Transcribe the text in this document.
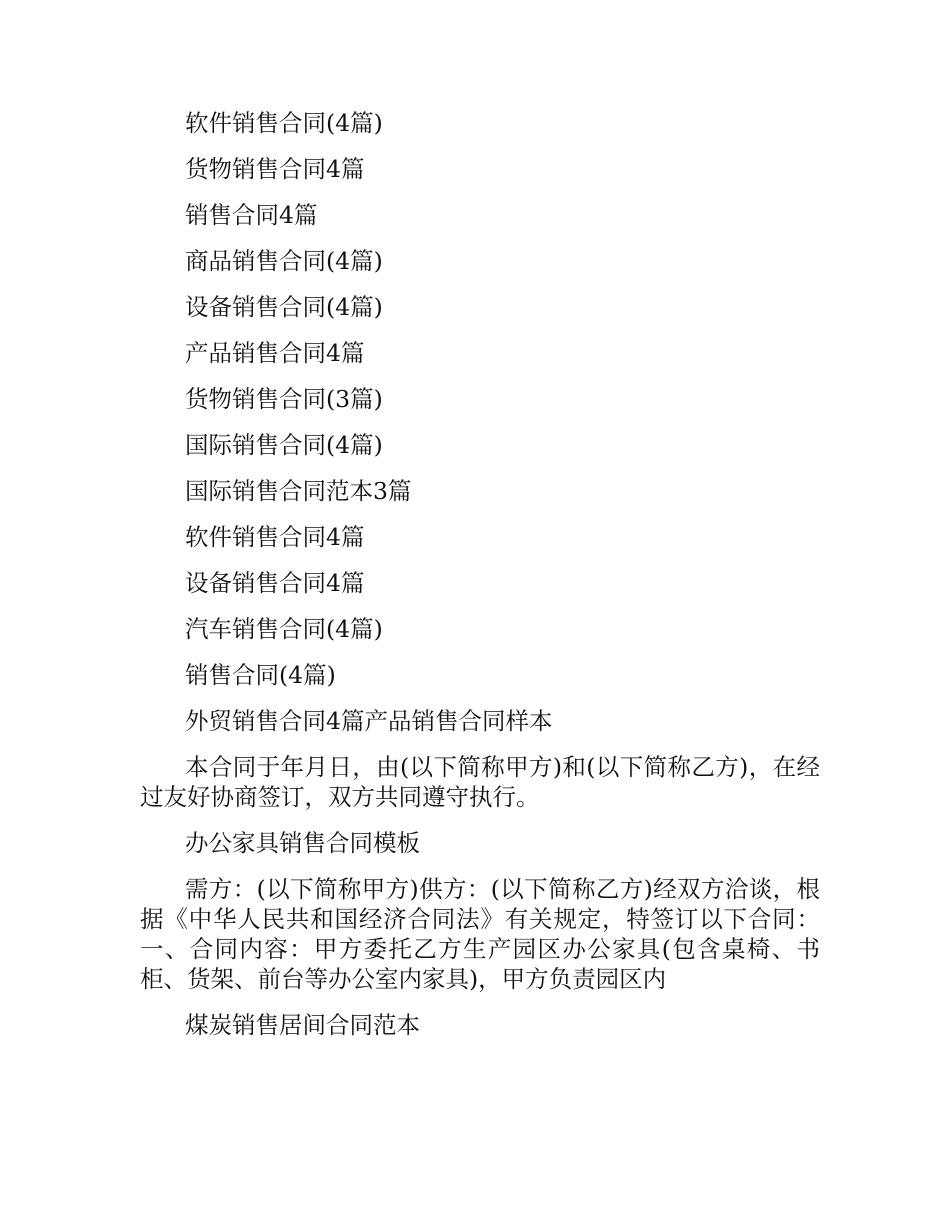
软件销售合同(4篇)
货物销售合同4篇
销售合同4篇
商品销售合同(4篇)
设备销售合同(4篇)
产品销售合同4篇
货物销售合同(3篇)
国际销售合同(4篇)
国际销售合同范本3篇
软件销售合同4篇
设备销售合同4篇
汽车销售合同(4篇)
销售合同(4篇)
外贸销售合同4篇产品销售合同样本

本合同于年月日，由(以下简称甲方)和(以下简称乙方)，在经过友好协商签订，双方共同遵守执行。

办公家具销售合同模板

需方：(以下简称甲方)供方：(以下简称乙方)经双方洽谈，根据《中华人民共和国经济合同法》有关规定，特签订以下合同：一、合同内容：甲方委托乙方生产园区办公家具(包含桌椅、书柜、货架、前台等办公室内家具)，甲方负责园区内

煤炭销售居间合同范本
